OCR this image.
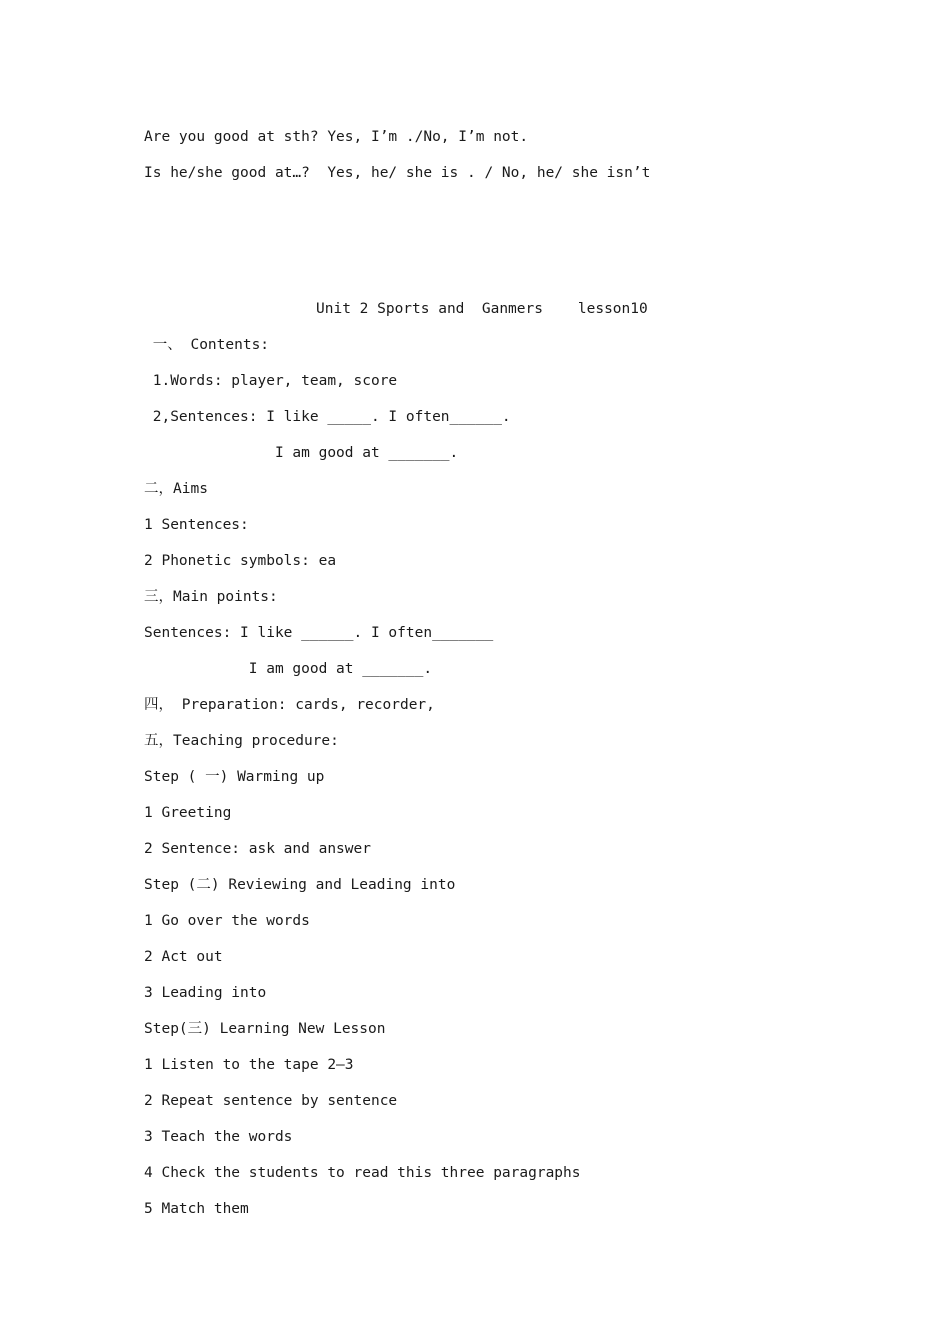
Are you good at sth? Yes, I’m ./No, I’m not.
Is he/she good at…?  Yes, he/ she is . / No, he/ she isn’t
Unit 2 Sports and  Ganmers    lesson10
一、 Contents:
1.Words: player, team, score
2,Sentences: I like _____. I often______.
I am good at _______.
二，Aims
1 Sentences:
2 Phonetic symbols: ea
三，Main points:
Sentences: I like ______. I often_______
I am good at _______.
四， Preparation: cards, recorder,
五，Teaching procedure:
Step ( 一) Warming up
1 Greeting
2 Sentence: ask and answer
Step (二) Reviewing and Leading into
1 Go over the words
2 Act out
3 Leading into
Step(三) Learning New Lesson
1 Listen to the tape 2—3
2 Repeat sentence by sentence
3 Teach the words
4 Check the students to read this three paragraphs
5 Match them
